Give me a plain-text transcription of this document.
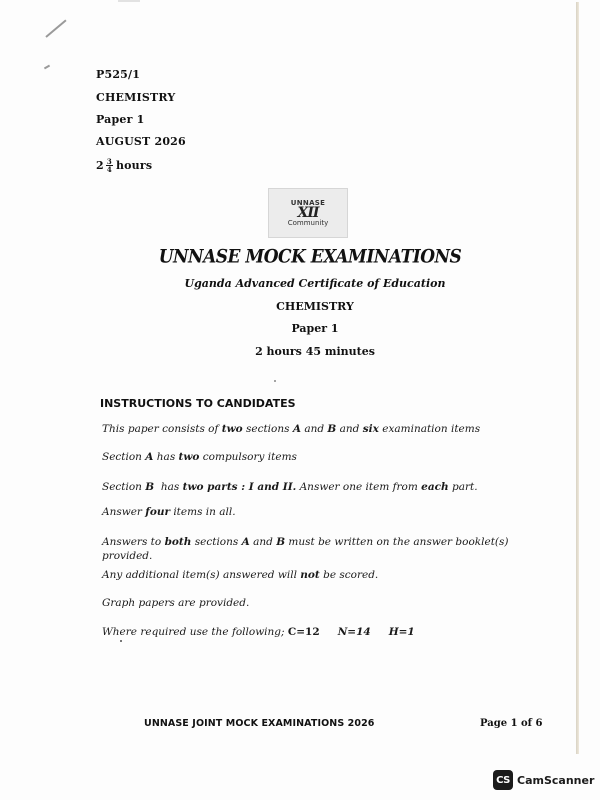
P525/1
CHEMISTRY
Paper 1
AUGUST 2026
$2 \frac{3}{4}$ hours
UNNASE
XII
Community
UNNASE MOCK EXAMINATIONS
Uganda Advanced Certificate of Education
CHEMISTRY
Paper 1
2 hours 45 minutes
INSTRUCTIONS TO CANDIDATES
This paper consists of two sections A and B and six examination items
Section A has two compulsory items
Section B  has two parts : I and II. Answer one item from each part.
Answer four items in all.
Answers to both sections A and B must be written on the answer booklet(s) provided.
Any additional item(s) answered will not be scored.
Graph papers are provided.
Where required use the following; C=12 N=14 H=1
UNNASE JOINT MOCK EXAMINATIONS 2026	Page 1 of 6
CS CamScanner
